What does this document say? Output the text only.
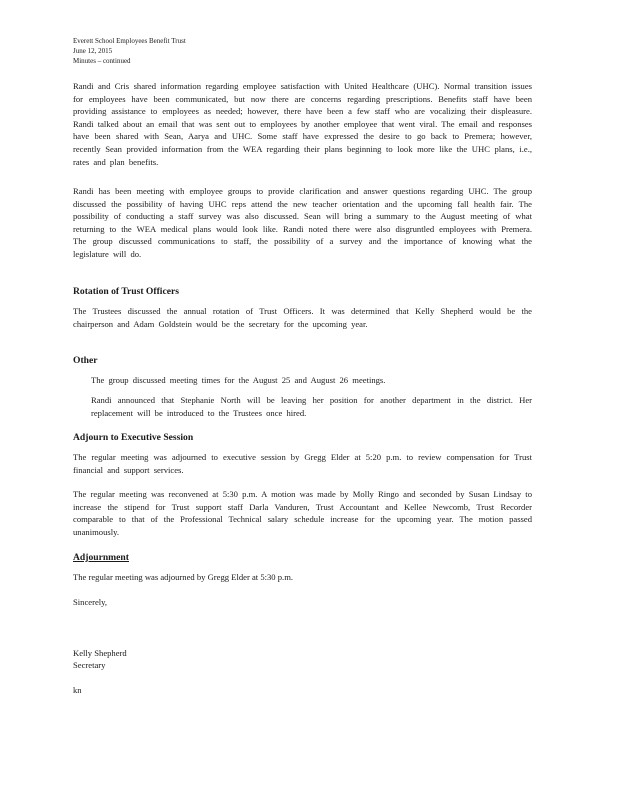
Everett School Employees Benefit Trust
June 12, 2015
Minutes – continued
Randi and Cris shared information regarding employee satisfaction with United Healthcare (UHC). Normal transition issues for employees have been communicated, but now there are concerns regarding prescriptions. Benefits staff have been providing assistance to employees as needed; however, there have been a few staff who are vocalizing their displeasure. Randi talked about an email that was sent out to employees by another employee that went viral. The email and responses have been shared with Sean, Aarya and UHC. Some staff have expressed the desire to go back to Premera; however, recently Sean provided information from the WEA regarding their plans beginning to look more like the UHC plans, i.e., rates and plan benefits.
Randi has been meeting with employee groups to provide clarification and answer questions regarding UHC. The group discussed the possibility of having UHC reps attend the new teacher orientation and the upcoming fall health fair. The possibility of conducting a staff survey was also discussed. Sean will bring a summary to the August meeting of what returning to the WEA medical plans would look like. Randi noted there were also disgruntled employees with Premera. The group discussed communications to staff, the possibility of a survey and the importance of knowing what the legislature will do.
Rotation of Trust Officers
The Trustees discussed the annual rotation of Trust Officers. It was determined that Kelly Shepherd would be the chairperson and Adam Goldstein would be the secretary for the upcoming year.
Other
The group discussed meeting times for the August 25 and August 26 meetings.
Randi announced that Stephanie North will be leaving her position for another department in the district. Her replacement will be introduced to the Trustees once hired.
Adjourn to Executive Session
The regular meeting was adjourned to executive session by Gregg Elder at 5:20 p.m. to review compensation for Trust financial and support services.
The regular meeting was reconvened at 5:30 p.m. A motion was made by Molly Ringo and seconded by Susan Lindsay to increase the stipend for Trust support staff Darla Vanduren, Trust Accountant and Kellee Newcomb, Trust Recorder comparable to that of the Professional Technical salary schedule increase for the upcoming year. The motion passed unanimously.
Adjournment
The regular meeting was adjourned by Gregg Elder at 5:30 p.m.
Sincerely,
Kelly Shepherd
Secretary
kn
